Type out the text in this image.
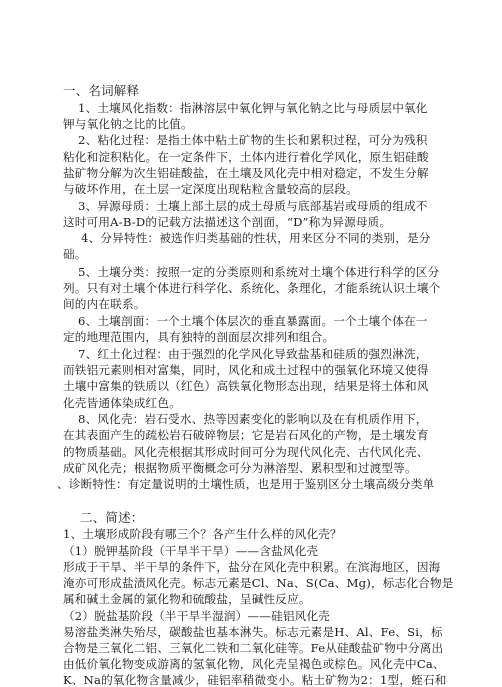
一、名词解释
1、土壤风化指数：指淋溶层中氧化钾与氧化钠之比与母质层中氧化
钾与氧化钠之比的比值。
2、粘化过程：是指土体中粘土矿物的生长和累积过程，可分为残积
粘化和淀积粘化。在一定条件下，土体内进行着化学风化，原生铝硅酸
盐矿物分解为次生铝硅酸盐，在土壤及风化壳中相对稳定，不发生分解
与破坏作用，在土层一定深度出现粘粒含量较高的层段。
3、异源母质：土壤上部土层的成土母质与底部基岩或母质的组成不
这时可用A-B-D的记载方法描述这个剖面，“D”称为异源母质。
4、分异特性：被选作归类基础的性状，用来区分不同的类别，是分
础。
5、土壤分类：按照一定的分类原则和系统对土壤个体进行科学的区分
列。只有对土壤个体进行科学化、系统化、条理化，才能系统认识土壤个
间的内在联系。
6、土壤剖面：一个土壤个体层次的垂直暴露面。一个土壤个体在一
定的地理范围内，具有独特的剖面层次排列和组合。
7、红土化过程：由于强烈的化学风化导致盐基和硅质的强烈淋洗，
而铁铝元素则相对富集，同时，风化和成土过程中的强氧化环境又使得
土壤中富集的铁质以（红色）高铁氧化物形态出现，结果是将土体和风
化壳皆通体染成红色。
8、风化壳：岩石受水、热等因素变化的影响以及在有机质作用下，
在其表面产生的疏松岩石破碎物层；它是岩石风化的产物，是土壤发育
的物质基础。风化壳根据其形成时间可分为现代风化壳、古代风化壳、
成矿风化壳；根据物质平衡概念可分为淋溶型、累积型和过渡型等。
、诊断特性：有定量说明的土壤性质，也是用于鉴别区分土壤高级分类单
二、简述：
1、土壤形成阶段有哪三个？各产生什么样的风化壳？
（1）脱钾基阶段（干旱半干旱）——含盐风化壳
形成于干旱、半干旱的条件下，盐分在风化壳中积累。在滨海地区，因海
淹亦可形成盐渍风化壳。标志元素是Cl、Na、S(Ca、Mg)，标志化合物是
属和碱土金属的氯化物和硫酸盐，呈碱性反应。
（2）脱盐基阶段（半干旱半湿润）——硅铝风化壳
易溶盐类淋失殆尽，碳酸盐也基本淋失。标志元素是H、Al、Fe、Si，标
合物是三氧化二铝、三氧化二铁和二氧化硅等。Fe从硅酸盐矿物中分离出
由低价氧化物变成游离的氢氧化物，风化壳呈褐色或棕色。风化壳中Ca、
K、Na的氧化物含量减少，硅铝率稍微变小。粘土矿物为2：1型，蛭石和
